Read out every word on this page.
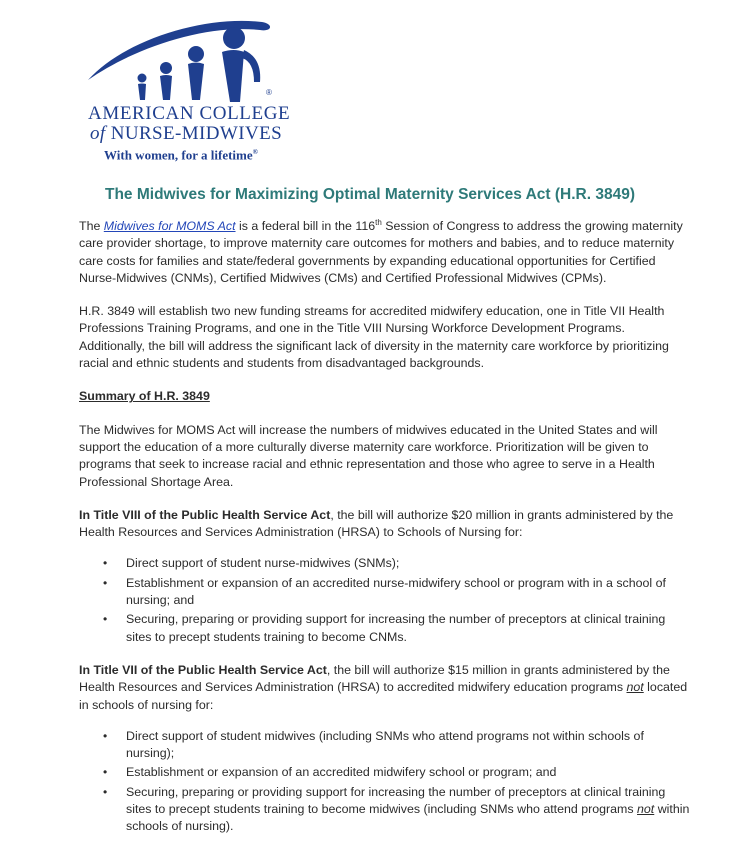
AMERICAN COLLEGE
of NURSE-MIDWIVES
With women, for a lifetime®
®
The Midwives for Maximizing Optimal Maternity Services Act (H.R. 3849)

The Midwives for MOMS Act is a federal bill in the 116th Session of Congress to address the growing maternity care provider shortage, to improve maternity care outcomes for mothers and babies, and to reduce maternity care costs for families and state/federal governments by expanding educational opportunities for Certified Nurse-Midwives (CNMs), Certified Midwives (CMs) and Certified Professional Midwives (CPMs).

H.R. 3849 will establish two new funding streams for accredited midwifery education, one in Title VII Health Professions Training Programs, and one in the Title VIII Nursing Workforce Development Programs. Additionally, the bill will address the significant lack of diversity in the maternity care workforce by prioritizing racial and ethnic students and students from disadvantaged backgrounds.

Summary of H.R. 3849

The Midwives for MOMS Act will increase the numbers of midwives educated in the United States and will support the education of a more culturally diverse maternity care workforce. Prioritization will be given to programs that seek to increase racial and ethnic representation and those who agree to serve in a Health Professional Shortage Area.

In Title VIII of the Public Health Service Act, the bill will authorize $20 million in grants administered by the Health Resources and Services Administration (HRSA) to Schools of Nursing for:

• Direct support of student nurse-midwives (SNMs);
• Establishment or expansion of an accredited nurse-midwifery school or program with in a school of nursing; and
• Securing, preparing or providing support for increasing the number of preceptors at clinical training sites to precept students training to become CNMs.

In Title VII of the Public Health Service Act, the bill will authorize $15 million in grants administered by the Health Resources and Services Administration (HRSA) to accredited midwifery education programs not located in schools of nursing for:

• Direct support of student midwives (including SNMs who attend programs not within schools of nursing);
• Establishment or expansion of an accredited midwifery school or program; and
• Securing, preparing or providing support for increasing the number of preceptors at clinical training sites to precept students training to become midwives (including SNMs who attend programs not within schools of nursing).
